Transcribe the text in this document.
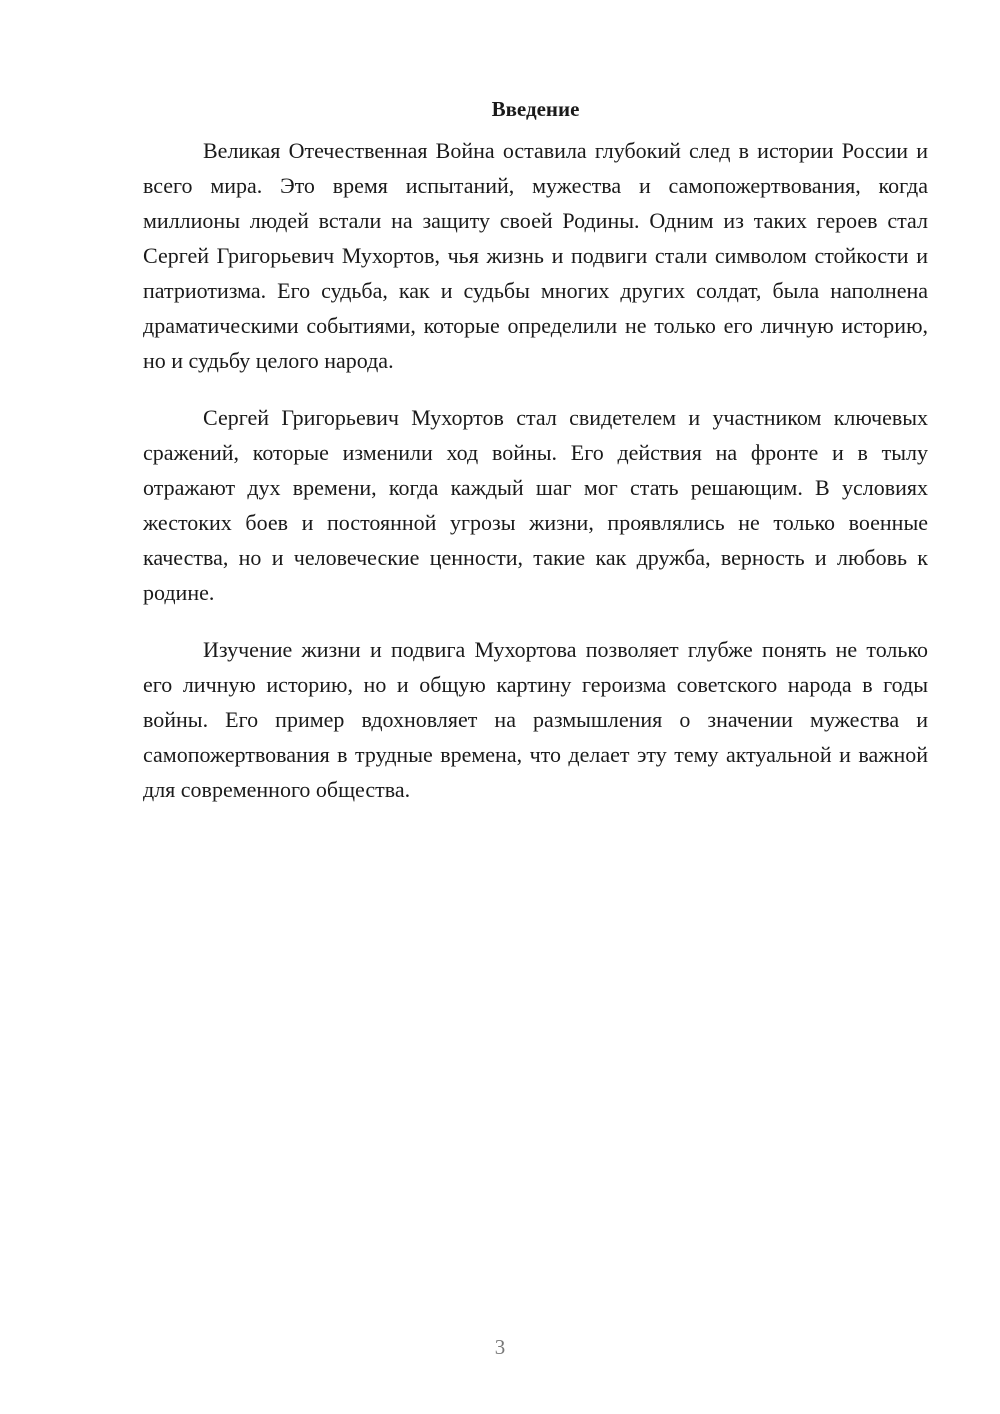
Введение

Великая Отечественная Война оставила глубокий след в истории России и всего мира. Это время испытаний, мужества и самопожертвования, когда миллионы людей встали на защиту своей Родины. Одним из таких героев стал Сергей Григорьевич Мухортов, чья жизнь и подвиги стали символом стойкости и патриотизма. Его судьба, как и судьбы многих других солдат, была наполнена драматическими событиями, которые определили не только его личную историю, но и судьбу целого народа.

Сергей Григорьевич Мухортов стал свидетелем и участником ключевых сражений, которые изменили ход войны. Его действия на фронте и в тылу отражают дух времени, когда каждый шаг мог стать решающим. В условиях жестоких боев и постоянной угрозы жизни, проявлялись не только военные качества, но и человеческие ценности, такие как дружба, верность и любовь к родине.

Изучение жизни и подвига Мухортова позволяет глубже понять не только его личную историю, но и общую картину героизма советского народа в годы войны. Его пример вдохновляет на размышления о значении мужества и самопожертвования в трудные времена, что делает эту тему актуальной и важной для современного общества.

3
